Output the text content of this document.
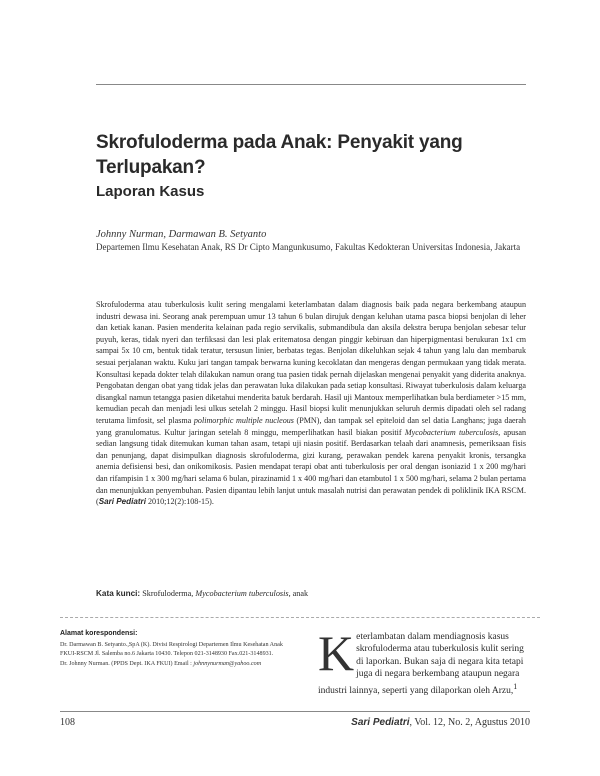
Skrofuloderma pada Anak: Penyakit yang Terlupakan?
Laporan Kasus
Johnny Nurman, Darmawan B. Setyanto
Departemen Ilmu Kesehatan Anak, RS Dr Cipto Mangunkusumo, Fakultas Kedokteran Universitas Indonesia, Jakarta

Skrofuloderma atau tuberkulosis kulit sering mengalami keterlambatan dalam diagnosis baik pada negara berkembang ataupun industri dewasa ini. Seorang anak perempuan umur 13 tahun 6 bulan dirujuk dengan keluhan utama pasca biopsi benjolan di leher dan ketiak kanan. Pasien menderita kelainan pada regio servikalis, submandibula dan aksila dekstra berupa benjolan sebesar telur puyuh, keras, tidak nyeri dan terfiksasi dan lesi plak eritematosa dengan pinggir kebiruan dan hiperpigmentasi berukuran 1x1 cm sampai 5x 10 cm, bentuk tidak teratur, tersusun linier, berbatas tegas. Benjolan dikeluhkan sejak 4 tahun yang lalu dan membaruk sesuai perjalanan waktu. Kuku jari tangan tampak berwarna kuning kecoklatan dan mengeras dengan permukaan yang tidak merata. Konsultasi kepada dokter telah dilakukan namun orang tua pasien tidak pernah dijelaskan mengenai penyakit yang diderita anaknya. Pengobatan dengan obat yang tidak jelas dan perawatan luka dilakukan pada setiap konsultasi. Riwayat tuberkulosis dalam keluarga disangkal namun tetangga pasien diketahui menderita batuk berdarah. Hasil uji Mantoux memperlihatkan bula berdiameter >15 mm, kemudian pecah dan menjadi lesi ulkus setelah 2 minggu. Hasil biopsi kulit menunjukkan seluruh dermis dipadati oleh sel radang terutama limfosit, sel plasma polimorphic multiple nucleous (PMN), dan tampak sel epiteloid dan sel datia Langhans; juga daerah yang granulomatus. Kultur jaringan setelah 8 minggu, memperlihatkan hasil biakan positif Mycobacterium tuberculosis, apusan sedian langsung tidak ditemukan kuman tahan asam, tetapi uji niasin positif. Berdasarkan telaah dari anamnesis, pemeriksaan fisis dan penunjang, dapat disimpulkan diagnosis skrofuloderma, gizi kurang, perawakan pendek karena penyakit kronis, tersangka anemia defisiensi besi, dan onikomikosis. Pasien mendapat terapi obat anti tuberkulosis per oral dengan isoniazid 1 x 200 mg/hari dan rifampisin 1 x 300 mg/hari selama 6 bulan, pirazinamid 1 x 400 mg/hari dan etambutol 1 x 500 mg/hari, selama 2 bulan pertama dan menunjukkan penyembuhan. Pasien dipantau lebih lanjut untuk masalah nutrisi dan perawatan pendek di poliklinik IKA RSCM. (Sari Pediatri 2010;12(2):108-15).

Kata kunci: Skrofuloderma, Mycobacterium tuberculosis, anak
Alamat korespondensi:

Dr. Darmawan B. Setyanto.,SpA (K). Divisi Respirologi Departemen Ilmu Kesehatan Anak FKUI-RSCM Jl. Salemba no.6 Jakarta 10430. Telepon 021-3148930 Fax.021-3148931.

Dr. Johnny Nurman. (PPDS Dept. IKA FKUI) Email : johnnynurman@yahoo.com	Keterlambatan dalam mendiagnosis kasus skrofuloderma atau tuberkulosis kulit sering di laporkan. Bukan saja di negara kita tetapi juga di negara berkembang ataupun negara industri lainnya, seperti yang dilaporkan oleh Arzu,$^1$

108	Sari Pediatri, Vol. 12, No. 2, Agustus 2010
